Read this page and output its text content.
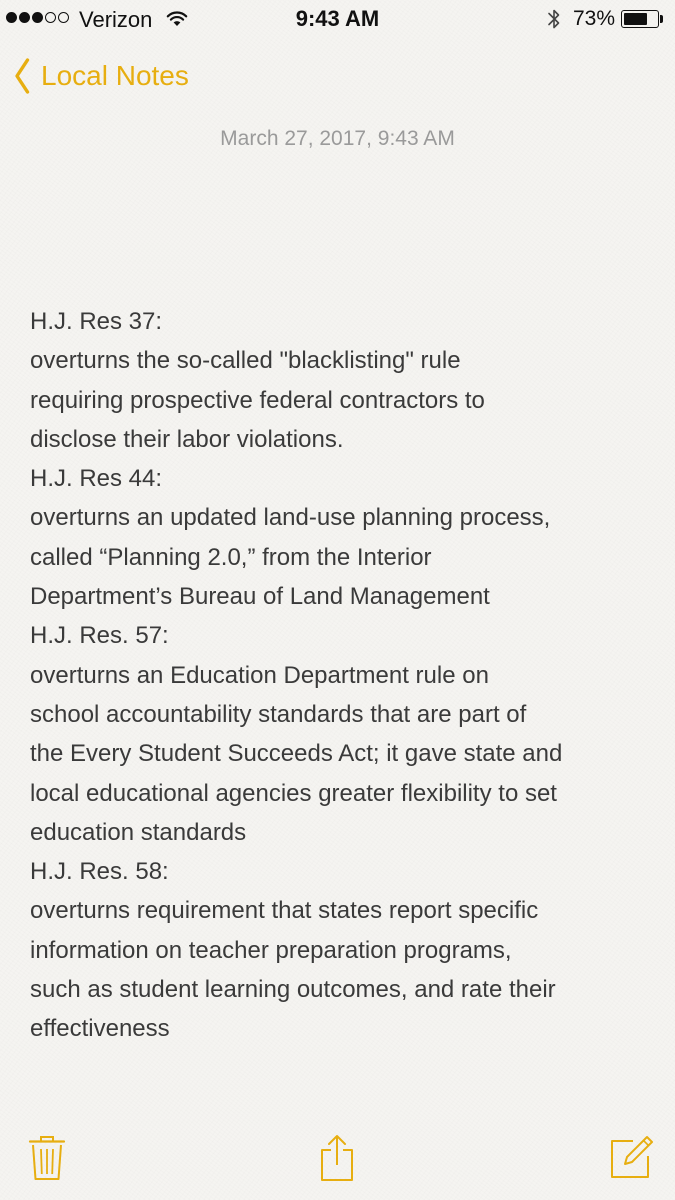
Verizon	9:43 AM	73%
Local Notes
March 27, 2017, 9:43 AM
H.J. Res 37:
overturns the so-called "blacklisting" rule
requiring prospective federal contractors to
disclose their labor violations.
H.J. Res 44:
overturns an updated land-use planning process,
called “Planning 2.0,” from the Interior
Department’s Bureau of Land Management
H.J. Res. 57:
overturns an Education Department rule on
school accountability standards that are part of
the Every Student Succeeds Act; it gave state and
local educational agencies greater flexibility to set
education standards
H.J. Res. 58:
overturns requirement that states report specific
information on teacher preparation programs,
such as student learning outcomes, and rate their
effectiveness
